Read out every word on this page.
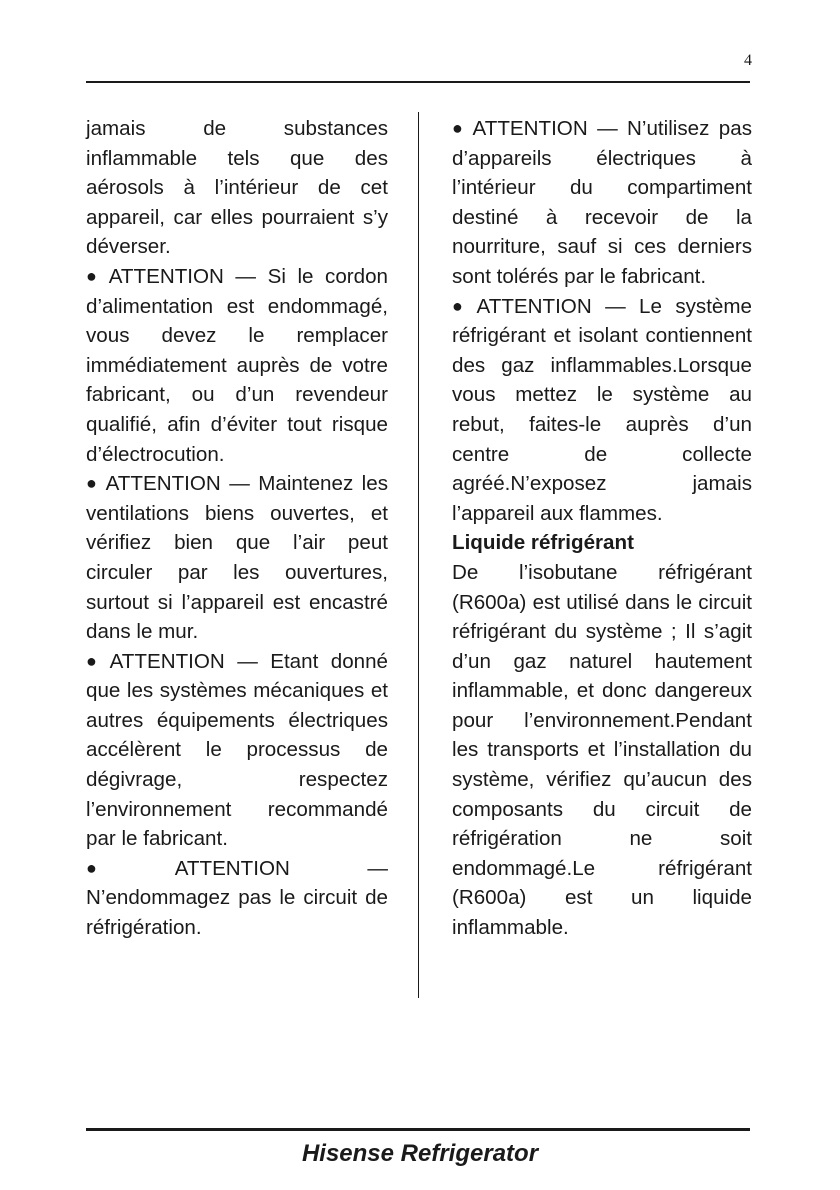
4

jamais de substances inflammable tels que des aérosols à l’intérieur de cet appareil, car elles pourraient s’y déverser.

● ATTENTION — Si le cordon d’alimentation est endommagé, vous devez le remplacer immédiatement auprès de votre fabricant, ou d’un revendeur qualifié, afin d’éviter tout risque d’électrocution.

● ATTENTION — Maintenez les ventilations biens ouvertes, et vérifiez bien que l’air peut circuler par les ouvertures, surtout si l’appareil est encastré dans le mur.

● ATTENTION — Etant donné que les systèmes mécaniques et autres équipements électriques accélèrent le processus de dégivrage, respectez l’environnement recommandé par le fabricant.

● ATTENTION — N’endommagez pas le circuit de réfrigération.

● ATTENTION — N’utilisez pas d’appareils électriques à l’intérieur du compartiment destiné à recevoir de la nourriture, sauf si ces derniers sont tolérés par le fabricant.

● ATTENTION — Le système réfrigérant et isolant contiennent des gaz inflammables.Lorsque vous mettez le système au rebut, faites-le auprès d’un centre de collecte agréé.N’exposez jamais l’appareil aux flammes.

Liquide réfrigérant

De l’isobutane réfrigérant (R600a) est utilisé dans le circuit réfrigérant du système ; Il s’agit d’un gaz naturel hautement inflammable, et donc dangereux pour l’environnement.Pendant les transports et l’installation du système, vérifiez qu’aucun des composants du circuit de réfrigération ne soit endommagé.Le réfrigérant (R600a) est un liquide inflammable.

Hisense Refrigerator
